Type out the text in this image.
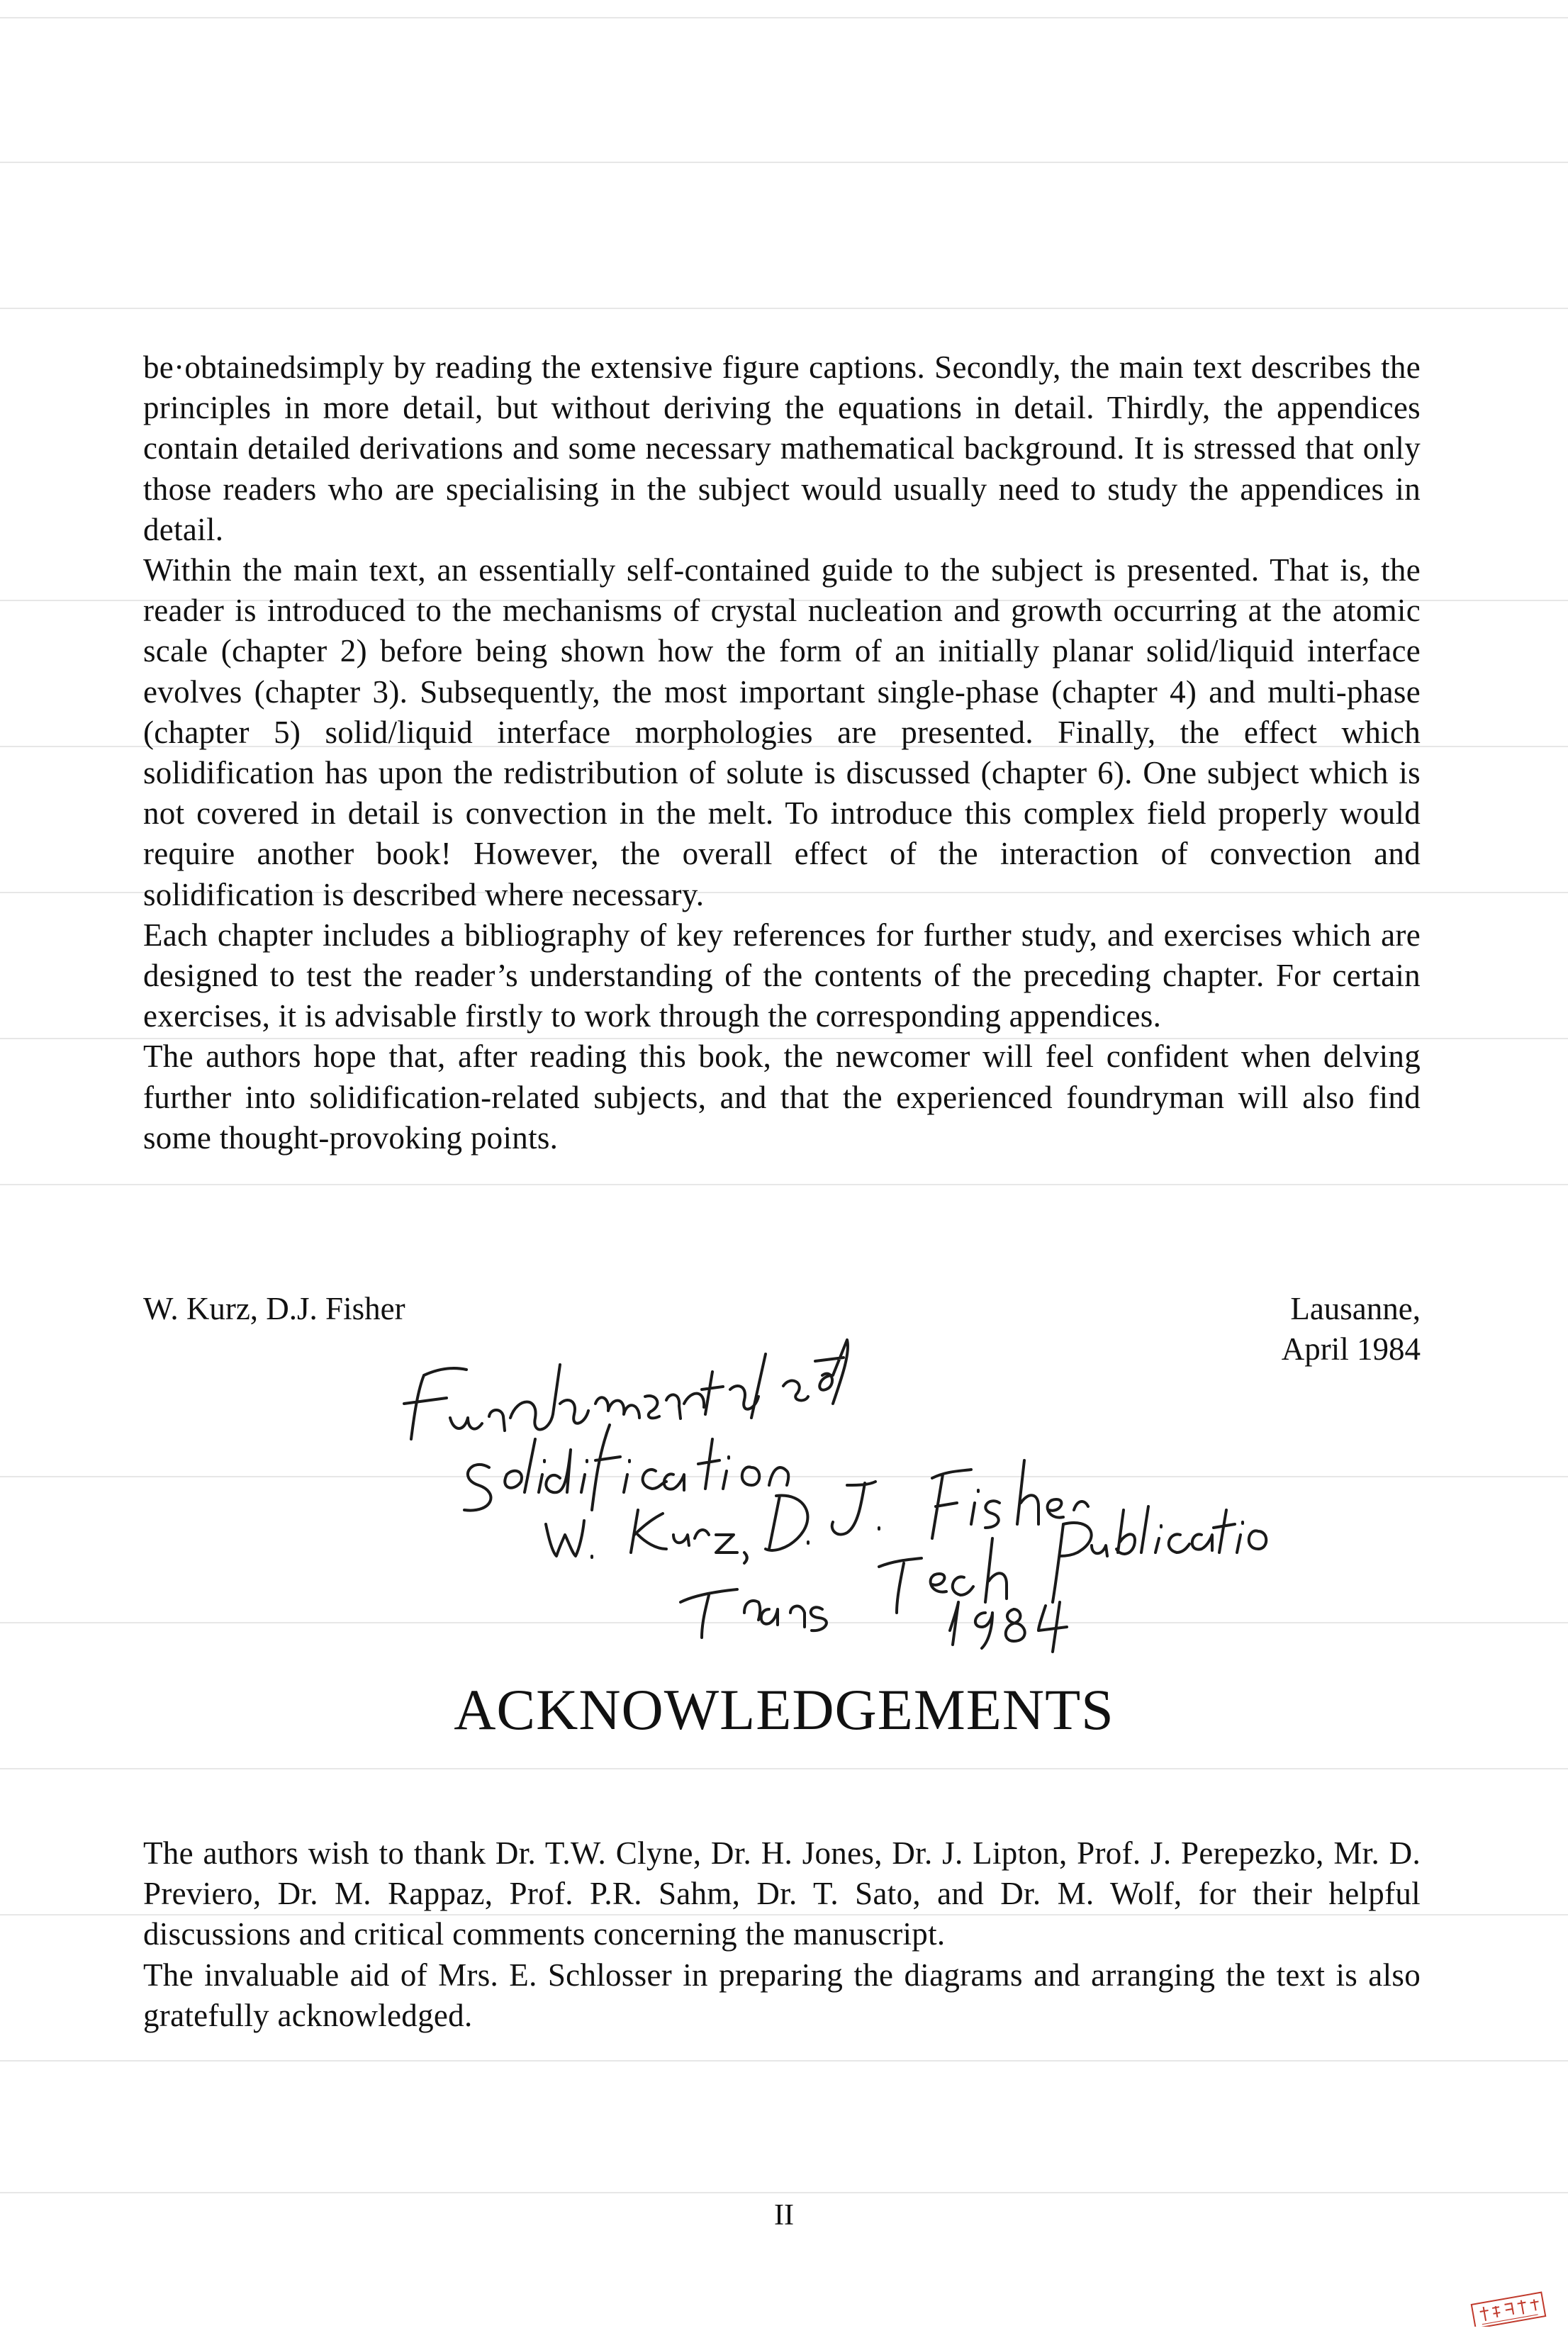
be·obtainedsimply by reading the extensive figure captions. Secondly, the main text describes the principles in more detail, but without deriving the equations in detail. Thirdly, the appendices contain detailed derivations and some necessary mathematical background. It is stressed that only those readers who are specialising in the subject would usually need to study the appendices in detail.

Within the main text, an essentially self-contained guide to the subject is presented. That is, the reader is introduced to the mechanisms of crystal nucleation and growth occurring at the atomic scale (chapter 2) before being shown how the form of an initially planar solid/liquid interface evolves (chapter 3). Subsequently, the most important single-phase (chapter 4) and multi-phase (chapter 5) solid/liquid interface morphologies are presented. Finally, the effect which solidification has upon the redistribution of solute is discussed (chapter 6). One subject which is not covered in detail is convection in the melt. To introduce this complex field properly would require another book! However, the overall effect of the interaction of convection and solidification is described where necessary.

Each chapter includes a bibliography of key references for further study, and exercises which are designed to test the reader’s understanding of the contents of the preceding chapter. For certain exercises, it is advisable firstly to work through the corresponding appendices.

The authors hope that, after reading this book, the newcomer will feel confident when delving further into solidification-related subjects, and that the experienced foundryman will also find some thought-provoking points.

W. Kurz, D.J. Fisher	Lausanne,
April 1984
ACKNOWLEDGEMENTS

The authors wish to thank Dr. T.W. Clyne, Dr. H. Jones, Dr. J. Lipton, Prof. J. Perepezko, Mr. D. Previero, Dr. M. Rappaz, Prof. P.R. Sahm, Dr. T. Sato, and Dr. M. Wolf, for their helpful discussions and critical comments concerning the manuscript.

The invaluable aid of Mrs. E. Schlosser in preparing the diagrams and arranging the text is also gratefully acknowledged.

II
